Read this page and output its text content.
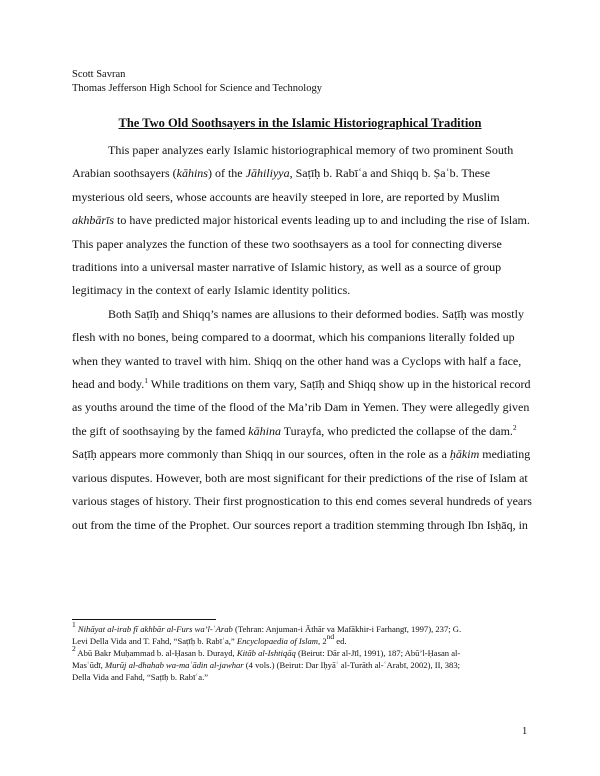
Scott Savran
Thomas Jefferson High School for Science and Technology
The Two Old Soothsayers in the Islamic Historiographical Tradition

This paper analyzes early Islamic historiographical memory of two prominent South
Arabian soothsayers (kāhins) of the Jāhiliyya, Saṭīḥ b. Rabīʿa and Shiqq b. Ṣaʿb. These
mysterious old seers, whose accounts are heavily steeped in lore, are reported by Muslim
akhbārīs to have predicted major historical events leading up to and including the rise of Islam.
This paper analyzes the function of these two soothsayers as a tool for connecting diverse
traditions into a universal master narrative of Islamic history, as well as a source of group
legitimacy in the context of early Islamic identity politics.

Both Saṭīḥ and Shiqq’s names are allusions to their deformed bodies. Saṭīḥ was mostly
flesh with no bones, being compared to a doormat, which his companions literally folded up
when they wanted to travel with him. Shiqq on the other hand was a Cyclops with half a face,
head and body.$^1$ While traditions on them vary, Saṭīḥ and Shiqq show up in the historical record
as youths around the time of the flood of the Ma’rib Dam in Yemen. They were allegedly given
the gift of soothsaying by the famed kāhina Turayfa, who predicted the collapse of the dam.$^2$
Saṭīḥ appears more commonly than Shiqq in our sources, often in the role as a ḥākim mediating
various disputes. However, both are most significant for their predictions of the rise of Islam at
various stages of history. Their first prognostication to this end comes several hundreds of years
out from the time of the Prophet. Our sources report a tradition stemming through Ibn Isḥāq, in

$^1$ Nihāyat al-irab fī akhbār al-Furs wa’l-ʿArab (Tehran: Anjuman-i Āthār va Mafākhir-i Farhangī, 1997), 237; G.
Levi Della Vida and T. Fahd, “Saṭīḥ b. Rabīʿa,” Encyclopaedia of Islam, 2nd ed.
$^2$ Abū Bakr Muḥammad b. al-Ḥasan b. Durayd, Kitāb al-Ishtiqāq (Beirut: Dār al-Jīl, 1991), 187; Abū’l-Ḥasan al-
Masʿūdī, Murūj al-dhahab wa-maʿādin al-jawhar (4 vols.) (Beirut: Dar Iḥyāʾ al-Turāth al-ʿArabī, 2002), II, 383;
Della Vida and Fahd, “Saṭīḥ b. Rabīʿa.”
1
